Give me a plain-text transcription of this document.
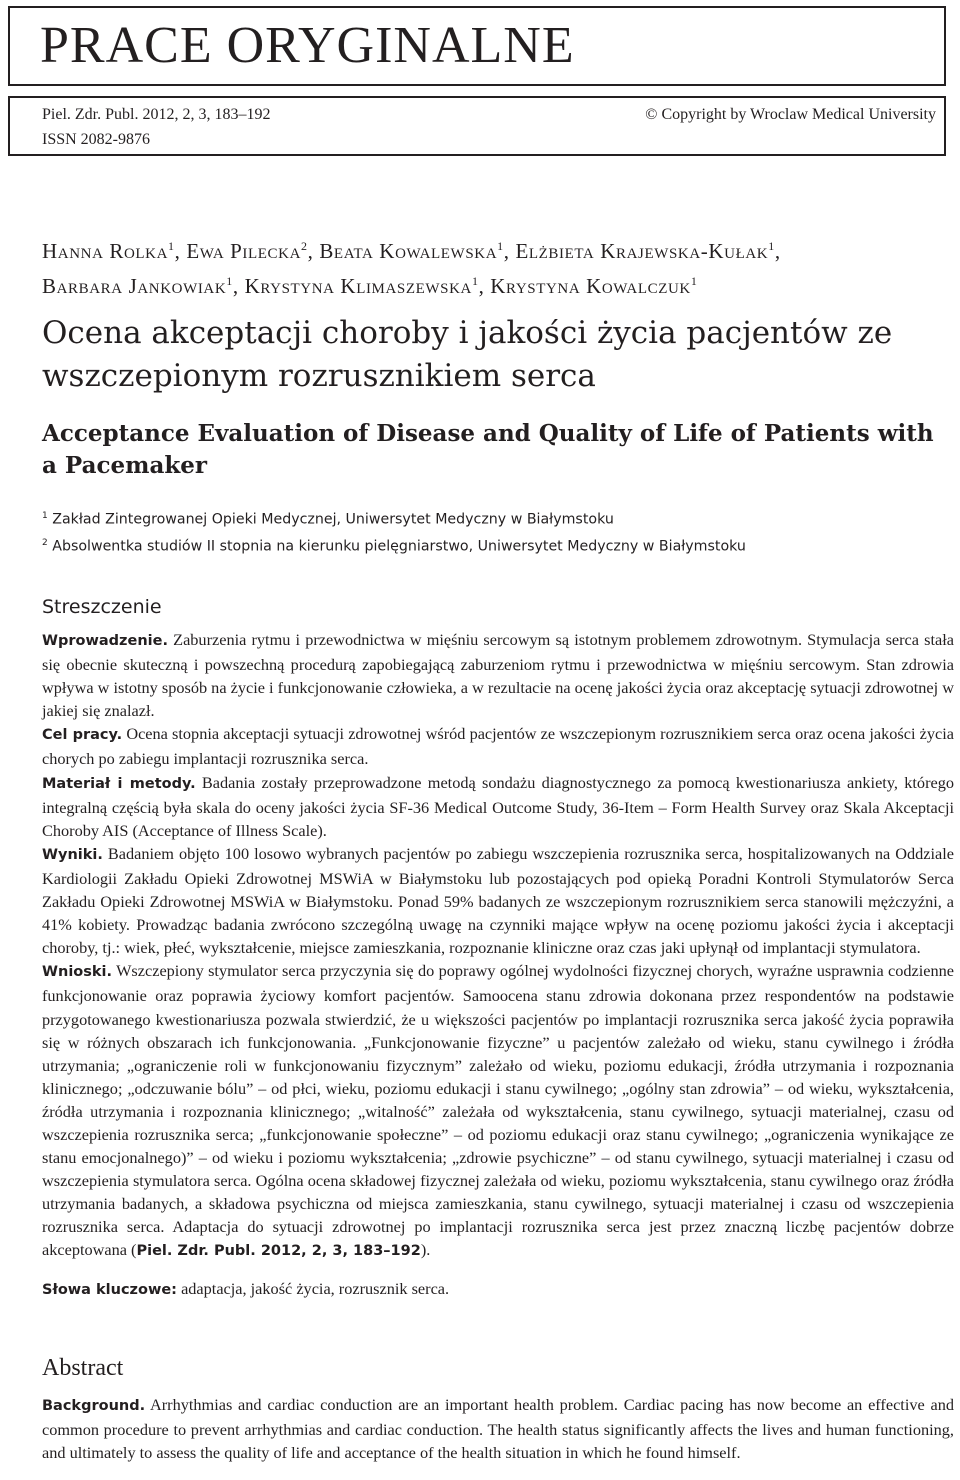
PRACE ORYGINALNE
Piel. Zdr. Publ. 2012, 2, 3, 183–192
ISSN 2082-9876
© Copyright by Wroclaw Medical University
Hanna Rolka$^1$, Ewa Pilecka$^2$, Beata Kowalewska$^1$, Elżbieta Krajewska-Kułak$^1$,
Barbara Jankowiak$^1$, Krystyna Klimaszewska$^1$, Krystyna Kowalczuk$^1$
Ocena akceptacji choroby i jakości życia pacjentów ze wszczepionym rozrusznikiem serca
Acceptance Evaluation of Disease and Quality of Life of Patients with a Pacemaker
$^1$ Zakład Zintegrowanej Opieki Medycznej, Uniwersytet Medyczny w Białymstoku
$^2$ Absolwentka studiów II stopnia na kierunku pielęgniarstwo, Uniwersytet Medyczny w Białymstoku
Streszczenie

Wprowadzenie. Zaburzenia rytmu i przewodnictwa w mięśniu sercowym są istotnym problemem zdrowotnym. Stymulacja serca stała się obecnie skuteczną i powszechną procedurą zapobiegającą zaburzeniom rytmu i przewodnictwa w mięśniu sercowym. Stan zdrowia wpływa w istotny sposób na życie i funkcjonowanie człowieka, a w rezultacie na ocenę jakości życia oraz akceptację sytuacji zdrowotnej w jakiej się znalazł.

Cel pracy. Ocena stopnia akceptacji sytuacji zdrowotnej wśród pacjentów ze wszczepionym rozrusznikiem serca oraz ocena jakości życia chorych po zabiegu implantacji rozrusznika serca.

Materiał i metody. Badania zostały przeprowadzone metodą sondażu diagnostycznego za pomocą kwestionariusza ankiety, którego integralną częścią była skala do oceny jakości życia SF-36 Medical Outcome Study, 36-Item – Form Health Survey oraz Skala Akceptacji Choroby AIS (Acceptance of Illness Scale).

Wyniki. Badaniem objęto 100 losowo wybranych pacjentów po zabiegu wszczepienia rozrusznika serca, hospitalizowanych na Oddziale Kardiologii Zakładu Opieki Zdrowotnej MSWiA w Białymstoku lub pozostających pod opieką Poradni Kontroli Stymulatorów Serca Zakładu Opieki Zdrowotnej MSWiA w Białymstoku. Ponad 59% badanych ze wszczepionym rozrusznikiem serca stanowili mężczyźni, a 41% kobiety. Prowadząc badania zwrócono szczególną uwagę na czynniki mające wpływ na ocenę poziomu jakości życia i akceptacji choroby, tj.: wiek, płeć, wykształcenie, miejsce zamieszkania, rozpoznanie kliniczne oraz czas jaki upłynął od implantacji stymulatora.

Wnioski. Wszczepiony stymulator serca przyczynia się do poprawy ogólnej wydolności fizycznej chorych, wyraźne usprawnia codzienne funkcjonowanie oraz poprawia życiowy komfort pacjentów. Samoocena stanu zdrowia dokonana przez respondentów na podstawie przygotowanego kwestionariusza pozwala stwierdzić, że u większości pacjentów po implantacji rozrusznika serca jakość życia poprawiła się w różnych obszarach ich funkcjonowania. „Funkcjonowanie fizyczne” u pacjentów zależało od wieku, stanu cywilnego i źródła utrzymania; „ograniczenie roli w funkcjonowaniu fizycznym” zależało od wieku, poziomu edukacji, źródła utrzymania i rozpoznania klinicznego; „odczuwanie bólu” – od płci, wieku, poziomu edukacji i stanu cywilnego; „ogólny stan zdrowia” – od wieku, wykształcenia, źródła utrzymania i rozpoznania klinicznego; „witalność” zależała od wykształcenia, stanu cywilnego, sytuacji materialnej, czasu od wszczepienia rozrusznika serca; „funkcjonowanie społeczne” – od poziomu edukacji oraz stanu cywilnego; „ograniczenia wynikające ze stanu emocjonalnego)” – od wieku i poziomu wykształcenia; „zdrowie psychiczne” – od stanu cywilnego, sytuacji materialnej i czasu od wszczepienia stymulatora serca. Ogólna ocena składowej fizycznej zależała od wieku, poziomu wykształcenia, stanu cywilnego oraz źródła utrzymania badanych, a składowa psychiczna od miejsca zamieszkania, stanu cywilnego, sytuacji materialnej i czasu od wszczepienia rozrusznika serca. Adaptacja do sytuacji zdrowotnej po implantacji rozrusznika serca jest przez znaczną liczbę pacjentów dobrze akceptowana (Piel. Zdr. Publ. 2012, 2, 3, 183–192).

Słowa kluczowe: adaptacja, jakość życia, rozrusznik serca.

Abstract

Background. Arrhythmias and cardiac conduction are an important health problem. Cardiac pacing has now become an effective and common procedure to prevent arrhythmias and cardiac conduction. The health status significantly affects the lives and human functioning, and ultimately to assess the quality of life and acceptance of the health situation in which he found himself.
